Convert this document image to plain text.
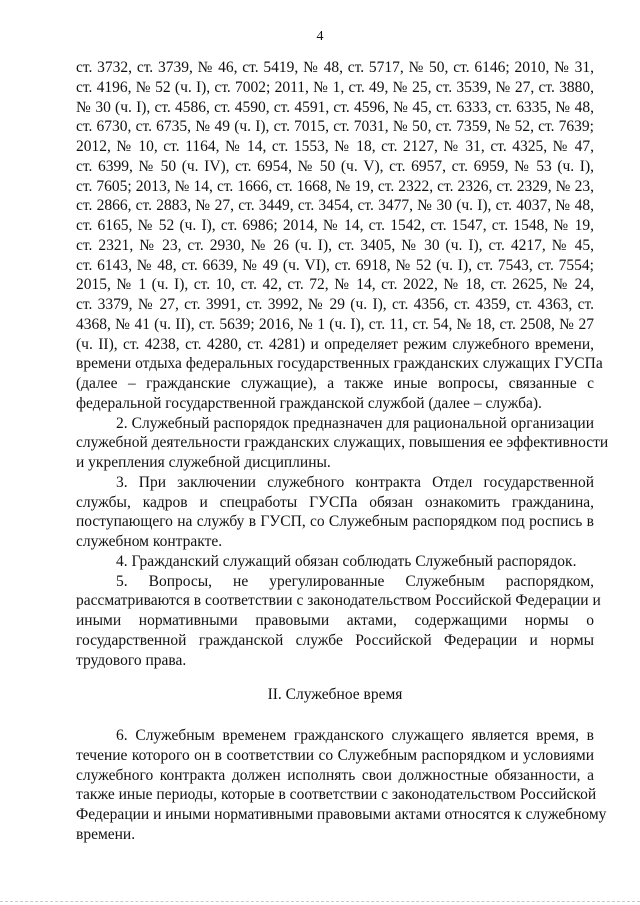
4

ст. 3732, ст. 3739, № 46, ст. 5419, № 48, ст. 5717, № 50, ст. 6146; 2010, № 31,

ст. 4196, № 52 (ч. I), ст. 7002; 2011, № 1, ст. 49, № 25, ст. 3539, № 27, ст. 3880,

№ 30 (ч. I), ст. 4586, ст. 4590, ст. 4591, ст. 4596, № 45, ст. 6333, ст. 6335, № 48,

ст. 6730, ст. 6735, № 49 (ч. I), ст. 7015, ст. 7031, № 50, ст. 7359, № 52, ст. 7639;

2012, № 10, ст. 1164, № 14, ст. 1553, № 18, ст. 2127, № 31, ст. 4325, № 47,

ст. 6399, № 50 (ч. IV), ст. 6954, № 50 (ч. V), ст. 6957, ст. 6959, № 53 (ч. I),

ст. 7605; 2013, № 14, ст. 1666, ст. 1668, № 19, ст. 2322, ст. 2326, ст. 2329, № 23,

ст. 2866, ст. 2883, № 27, ст. 3449, ст. 3454, ст. 3477, № 30 (ч. I), ст. 4037, № 48,

ст. 6165, № 52 (ч. I), ст. 6986; 2014, № 14, ст. 1542, ст. 1547, ст. 1548, № 19,

ст. 2321, № 23, ст. 2930, № 26 (ч. I), ст. 3405, № 30 (ч. I), ст. 4217, № 45,

ст. 6143, № 48, ст. 6639, № 49 (ч. VI), ст. 6918, № 52 (ч. I), ст. 7543, ст. 7554;

2015, № 1 (ч. I), ст. 10, ст. 42, ст. 72, № 14, ст. 2022, № 18, ст. 2625, № 24,

ст. 3379, № 27, ст. 3991, ст. 3992, № 29 (ч. I), ст. 4356, ст. 4359, ст. 4363, ст.

4368, № 41 (ч. II), ст. 5639; 2016, № 1 (ч. I), ст. 11, ст. 54, № 18, ст. 2508, № 27

(ч. II), ст. 4238, ст. 4280, ст. 4281) и определяет режим служебного времени,

времени отдыха федеральных государственных гражданских служащих ГУСПа

(далее – гражданские служащие), а также иные вопросы, связанные с

федеральной государственной гражданской службой (далее – служба).

2. Служебный распорядок предназначен для рациональной организации

служебной деятельности гражданских служащих, повышения ее эффективности

и укрепления служебной дисциплины.

3. При заключении служебного контракта Отдел государственной

службы, кадров и спецработы ГУСПа обязан ознакомить гражданина,

поступающего на службу в ГУСП, со Служебным распорядком под роспись в

служебном контракте.

4. Гражданский служащий обязан соблюдать Служебный распорядок.

5. Вопросы, не урегулированные Служебным распорядком,

рассматриваются в соответствии с законодательством Российской Федерации и

иными нормативными правовыми актами, содержащими нормы о

государственной гражданской службе Российской Федерации и нормы

трудового права.

II. Служебное время

6. Служебным временем гражданского служащего является время, в

течение которого он в соответствии со Служебным распорядком и условиями

служебного контракта должен исполнять свои должностные обязанности, а

также иные периоды, которые в соответствии с законодательством Российской

Федерации и иными нормативными правовыми актами относятся к служебному

времени.
